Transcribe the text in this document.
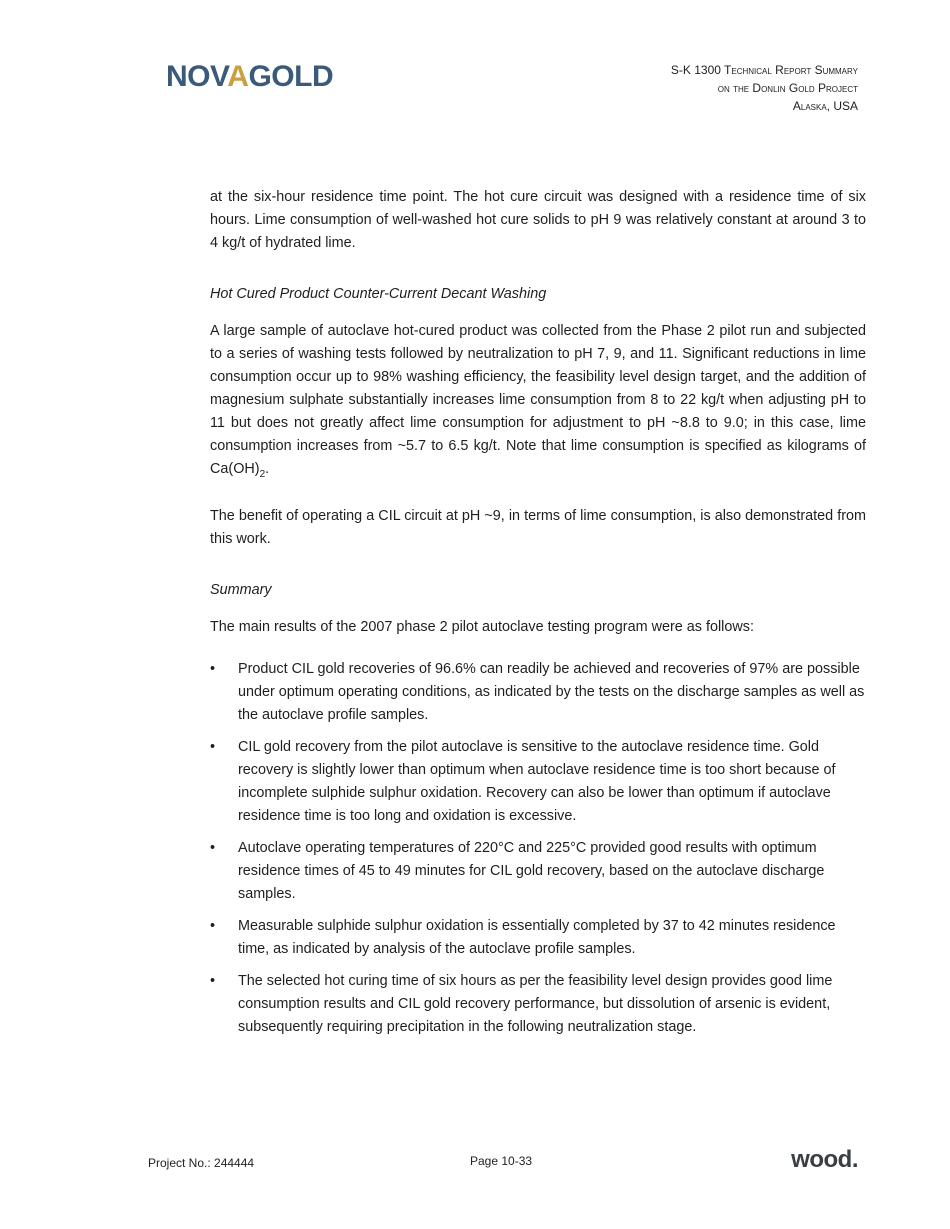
NOVAGOLD	S-K 1300 Technical Report Summary
on the Donlin Gold Project
Alaska, USA

at the six-hour residence time point. The hot cure circuit was designed with a residence time of six hours. Lime consumption of well-washed hot cure solids to pH 9 was relatively constant at around 3 to 4 kg/t of hydrated lime.

Hot Cured Product Counter-Current Decant Washing

A large sample of autoclave hot-cured product was collected from the Phase 2 pilot run and subjected to a series of washing tests followed by neutralization to pH 7, 9, and 11. Significant reductions in lime consumption occur up to 98% washing efficiency, the feasibility level design target, and the addition of magnesium sulphate substantially increases lime consumption from 8 to 22 kg/t when adjusting pH to 11 but does not greatly affect lime consumption for adjustment to pH ~8.8 to 9.0; in this case, lime consumption increases from ~5.7 to 6.5 kg/t. Note that lime consumption is specified as kilograms of $Ca(OH)_2$.

The benefit of operating a CIL circuit at pH ~9, in terms of lime consumption, is also demonstrated from this work.

Summary

The main results of the 2007 phase 2 pilot autoclave testing program were as follows:

• Product CIL gold recoveries of 96.6% can readily be achieved and recoveries of 97% are possible under optimum operating conditions, as indicated by the tests on the discharge samples as well as the autoclave profile samples.
• CIL gold recovery from the pilot autoclave is sensitive to the autoclave residence time. Gold recovery is slightly lower than optimum when autoclave residence time is too short because of incomplete sulphide sulphur oxidation. Recovery can also be lower than optimum if autoclave residence time is too long and oxidation is excessive.
• Autoclave operating temperatures of 220°C and 225°C provided good results with optimum residence times of 45 to 49 minutes for CIL gold recovery, based on the autoclave discharge samples.
• Measurable sulphide sulphur oxidation is essentially completed by 37 to 42 minutes residence time, as indicated by analysis of the autoclave profile samples.
• The selected hot curing time of six hours as per the feasibility level design provides good lime consumption results and CIL gold recovery performance, but dissolution of arsenic is evident, subsequently requiring precipitation in the following neutralization stage.
Project No.: 244444	Page 10-33	wood.
